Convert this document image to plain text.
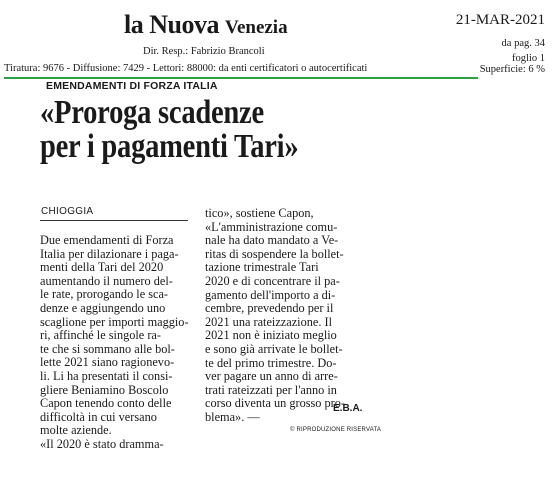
la Nuova Venezia
Dir. Resp.: Fabrizio Brancoli
Tiratura: 9676 - Diffusione: 7429 - Lettori: 88000: da enti certificatori o autocertificati
21-MAR-2021
da pag. 34
foglio 1
Superficie: 6 %
EMENDAMENTI DI FORZA ITALIA
«Proroga scadenze
per i pagamenti Tari»
CHIOGGIA
Due emendamenti di Forza
Italia per dilazionare i paga-
menti della Tari del 2020
aumentando il numero del-
le rate, prorogando le sca-
denze e aggiungendo uno
scaglione per importi maggio-
ri, affinché le singole ra-
te che si sommano alle bol-
lette 2021 siano ragionevo-
li. Li ha presentati il consi-
gliere Beniamino Boscolo
Capon tenendo conto delle
difficoltà in cui versano
molte aziende.
«Il 2020 è stato dramma-
tico», sostiene Capon,
«L'amministrazione comu-
nale ha dato mandato a Ve-
ritas di sospendere la bollet-
tazione trimestrale Tari
2020 e di concentrare il pa-
gamento dell'importo a di-
cembre, prevedendo per il
2021 una rateizzazione. Il
2021 non è iniziato meglio
e sono già arrivate le bollet-
te del primo trimestre. Do-
ver pagare un anno di arre-
trati rateizzati per l'anno in
corso diventa un grosso pro-
blema». —
E.B.A.
© RIPRODUZIONE RISERVATA
